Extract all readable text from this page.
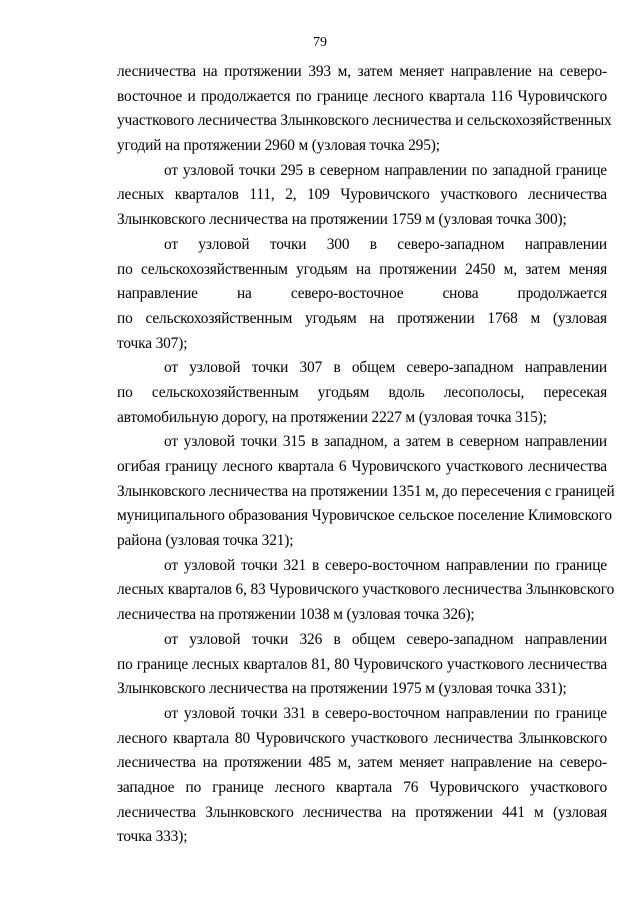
79
лесничества на протяжении 393 м, затем меняет направление на северо-
восточное и продолжается по границе лесного квартала 116 Чуровичского
участкового лесничества Злынковского лесничества и сельскохозяйственных
угодий на протяжении 2960 м (узловая точка 295);
от узловой точки 295 в северном направлении по западной границе
лесных кварталов 111, 2, 109 Чуровичского участкового лесничества
Злынковского лесничества на протяжении 1759 м (узловая точка 300);
от узловой точки 300 в северо-западном направлении
по сельскохозяйственным угодьям на протяжении 2450 м, затем меняя
направление на северо-восточное снова продолжается
по сельскохозяйственным угодьям на протяжении 1768 м (узловая
точка 307);
от узловой точки 307 в общем северо-западном направлении
по сельскохозяйственным угодьям вдоль лесополосы, пересекая
автомобильную дорогу, на протяжении 2227 м (узловая точка 315);
от узловой точки 315 в западном, а затем в северном направлении
огибая границу лесного квартала 6 Чуровичского участкового лесничества
Злынковского лесничества на протяжении 1351 м, до пересечения с границей
муниципального образования Чуровичское сельское поселение Климовского
района (узловая точка 321);
от узловой точки 321 в северо-восточном направлении по границе
лесных кварталов 6, 83 Чуровичского участкового лесничества Злынковского
лесничества на протяжении 1038 м (узловая точка 326);
от узловой точки 326 в общем северо-западном направлении
по границе лесных кварталов 81, 80 Чуровичского участкового лесничества
Злынковского лесничества на протяжении 1975 м (узловая точка 331);
от узловой точки 331 в северо-восточном направлении по границе
лесного квартала 80 Чуровичского участкового лесничества Злынковского
лесничества на протяжении 485 м, затем меняет направление на северо-
западное по границе лесного квартала 76 Чуровичского участкового
лесничества Злынковского лесничества на протяжении 441 м (узловая
точка 333);
